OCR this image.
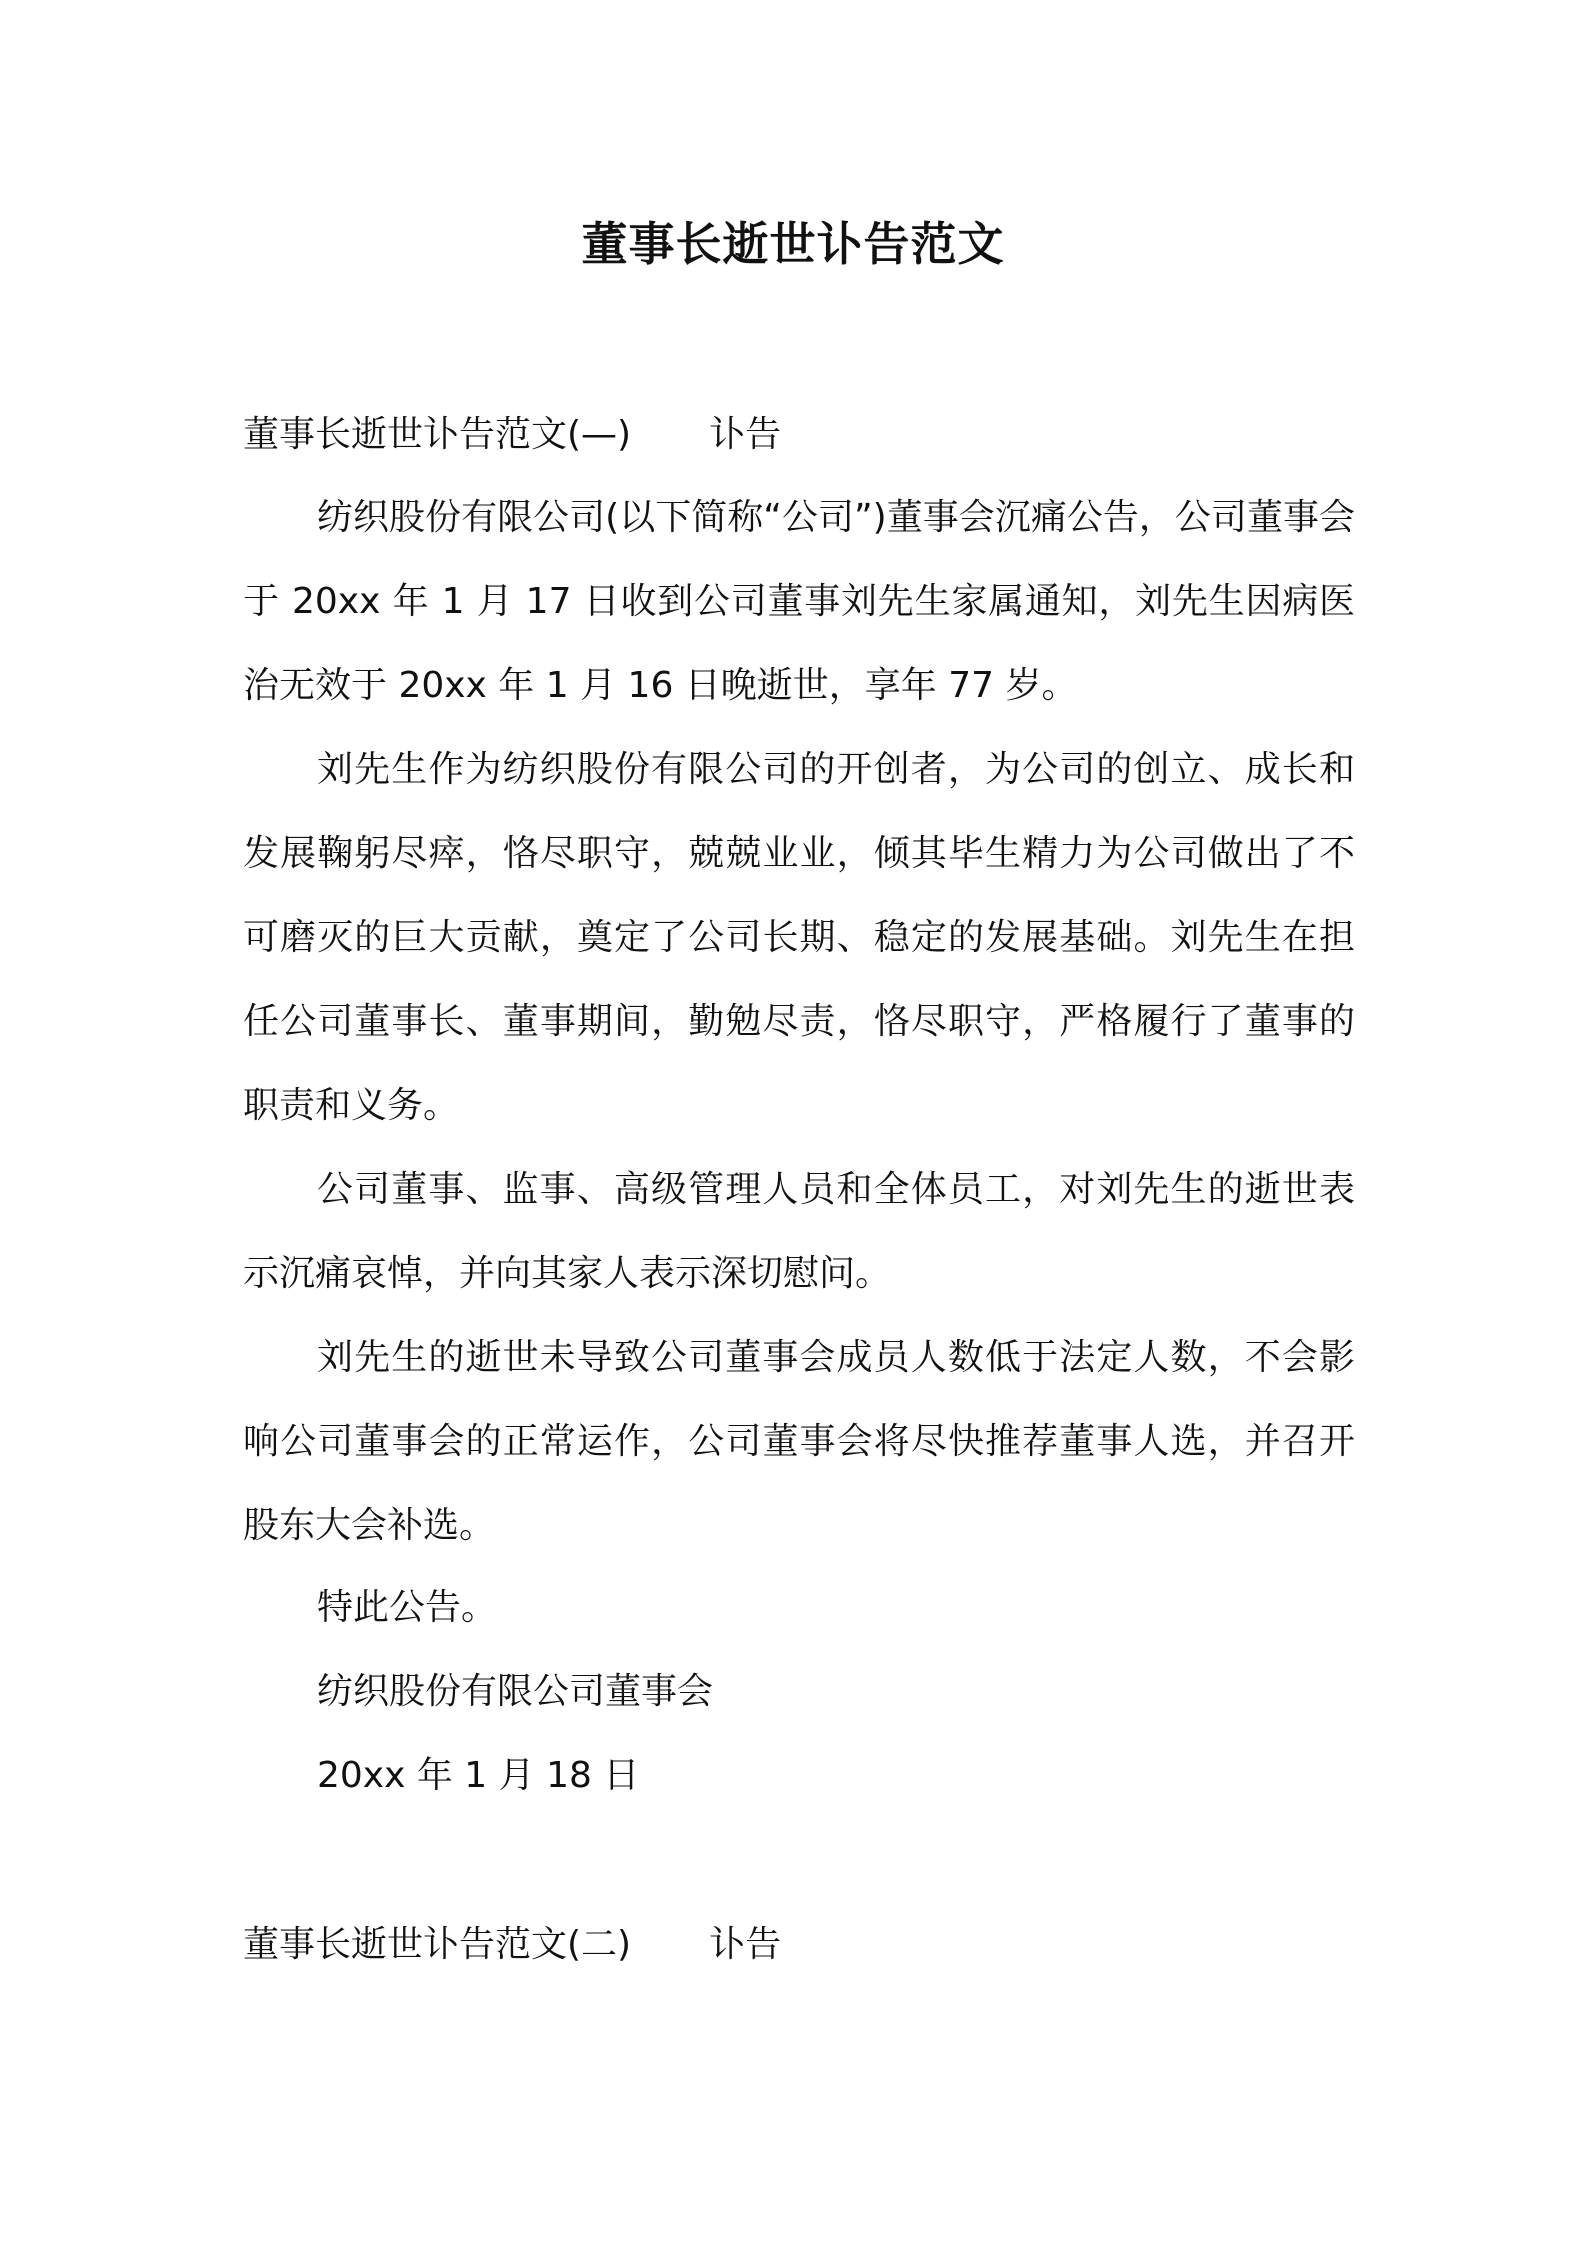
董事长逝世讣告范文
董事长逝世讣告范文(—) 讣告

纺织股份有限公司(以下简称“公司”)董事会沉痛公告，公司董事会于 20xx 年 1 月 17 日收到公司董事刘先生家属通知，刘先生因病医治无效于 20xx 年 1 月 16 日晚逝世，享年 77 岁。

刘先生作为纺织股份有限公司的开创者，为公司的创立、成长和发展鞠躬尽瘁，恪尽职守，兢兢业业，倾其毕生精力为公司做出了不可磨灭的巨大贡献，奠定了公司长期、稳定的发展基础。刘先生在担任公司董事长、董事期间，勤勉尽责，恪尽职守，严格履行了董事的职责和义务。

公司董事、监事、高级管理人员和全体员工，对刘先生的逝世表示沉痛哀悼，并向其家人表示深切慰问。

刘先生的逝世未导致公司董事会成员人数低于法定人数，不会影响公司董事会的正常运作，公司董事会将尽快推荐董事人选，并召开股东大会补选。

特此公告。
纺织股份有限公司董事会
20xx 年 1 月 18 日
董事长逝世讣告范文(二) 讣告
